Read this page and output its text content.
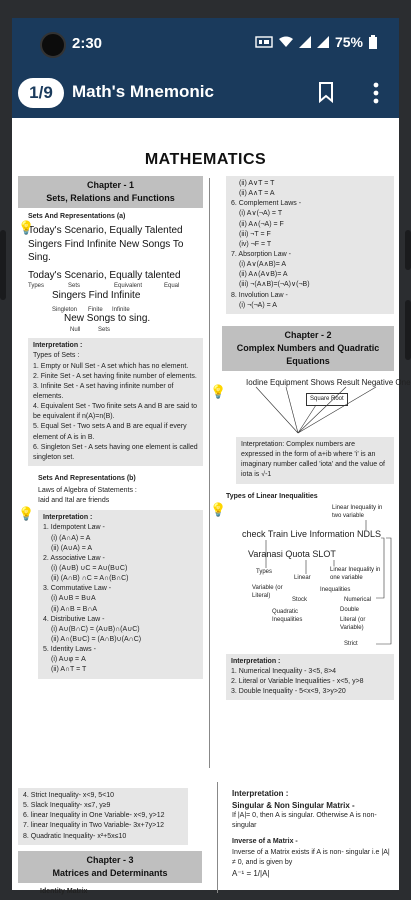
2:30	75%
1/9	Math's Mnemonic
MATHEMATICS
Chapter - 1
Sets, Relations and Functions
Sets And Representations (a)
Today's Scenario, Equally Talented Singers Find Infinite New Songs To Sing.
Today's Scenario, Equally talented
Types	Sets	Equivalent	Equal
Singers Find Infinite
Singleton Finite Infinite
New Songs to sing.
Null	Sets
Interpretation :
Types of Sets :
1. Empty or Null Set - A set which has no element.
2. Finite Set - A set having finite number of elements.
3. Infinite Set - A set having infinite number of elements.
4. Equivalent Set - Two finite sets A and B are said to be equivalent if n(A)=n(B).
5. Equal Set - Two sets A and B are equal if every element of A is in B.
6. Singleton Set - A sets having one element is called singleton set.
Sets And Representations (b)
Laws of Algebra of Statements :
Iaid and Ital are friends
Interpretation :
1. Idempotent Law -
(i) (A∩A) = A
(ii) (A∪A) = A
2. Associative Law -
(i) (A∪B) ∪C = A∪(B∪C)
(ii) (A∩B) ∩C = A∩(B∩C)
3. Commutative Law -
(i) A∪B = B∪A
(ii) A∩B = B∩A
4. Distributive Law -
(i) A∪(B∩C) = (A∪B)∩(A∪C)
(ii) A∩(B∪C) = (A∩B)∪(A∩C)
5. Identity Laws -
(i) A∪φ = A
(ii) A∩T = T
💡
💡
(ii) A∨T = T
(ii) A∧T = A
6. Complement Laws -
(i) A∨(¬A) = T
(ii) A∧(¬A) = F
(iii) ¬T = F
(iv) ¬F = T
7. Absorption Law -
(i) A∨(A∧B)= A
(ii) A∧(A∨B)= A
(iii) ¬(A∧B)=(¬A)∨(¬B)
8. Involution Law -
(i) ¬(¬A) = A
Chapter - 2
Complex Numbers and Quadratic Equations
Iodine Equipment Shows Result Negative One
Square Root
Interpretation: Complex numbers are expressed in the form of a+ib where 'i' is an imaginary number called 'iota' and the value of iota is √-1
Types of Linear Inequalities
check Train Live Information NDLS
Varanasi Quota SLOT
Linear Inequality in two variable
Types
Linear
Variable (or Literal)
Stock
Quadratic Inequalities
Linear Inequality in one variable
Inequalities
Numerical
Double
Literal (or Variable)
Strict
Interpretation :
1. Numerical Inequality - 3<5, 8>4
2. Literal or Variable Inequalities - x<5, y>8
3. Double Inequality - 5<x<9, 3>y>20
💡
💡
4. Strict Inequality- x<9, 5<10
5. Slack Inequality- x≤7, y≥9
6. linear Inequality in One Variable- x<9, y>12
7. linear Inequality in Two Variable- 3x+7y>12
8. Quadratic Inequality- x²+5x≤10
Chapter - 3
Matrices and Determinants
Identity Matrix
Interpretation :
Singular & Non Singular Matrix -
If |A|= 0, then A is singular. Otherwise A is non-singular
Inverse of a Matrix -
Inverse of a Matrix exists if A is non- singular i.e |A|≠ 0, and is given by
A⁻¹ = 1/|A|
